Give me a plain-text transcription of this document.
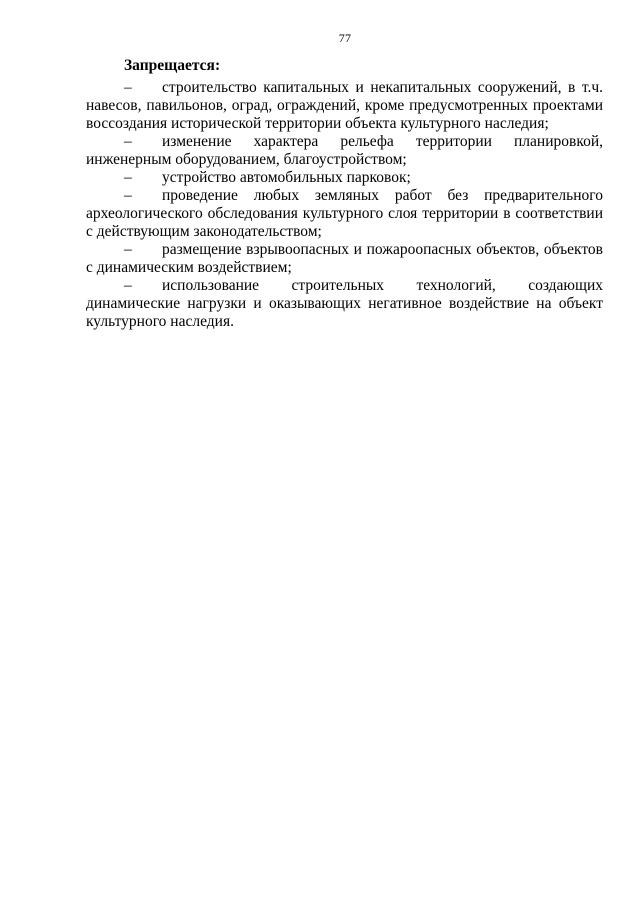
77
Запрещается:
– строительство капитальных и некапитальных сооружений, в т.ч. навесов, павильонов, оград, ограждений, кроме предусмотренных проектами воссоздания исторической территории объекта культурного наследия;
– изменение характера рельефа территории планировкой, инженерным оборудованием, благоустройством;
– устройство автомобильных парковок;
– проведение любых земляных работ без предварительного археологического обследования культурного слоя территории в соответствии с действующим законодательством;
– размещение взрывоопасных и пожароопасных объектов, объектов с динамическим воздействием;
– использование строительных технологий, создающих динамические нагрузки и оказывающих негативное воздействие на объект культурного наследия.
